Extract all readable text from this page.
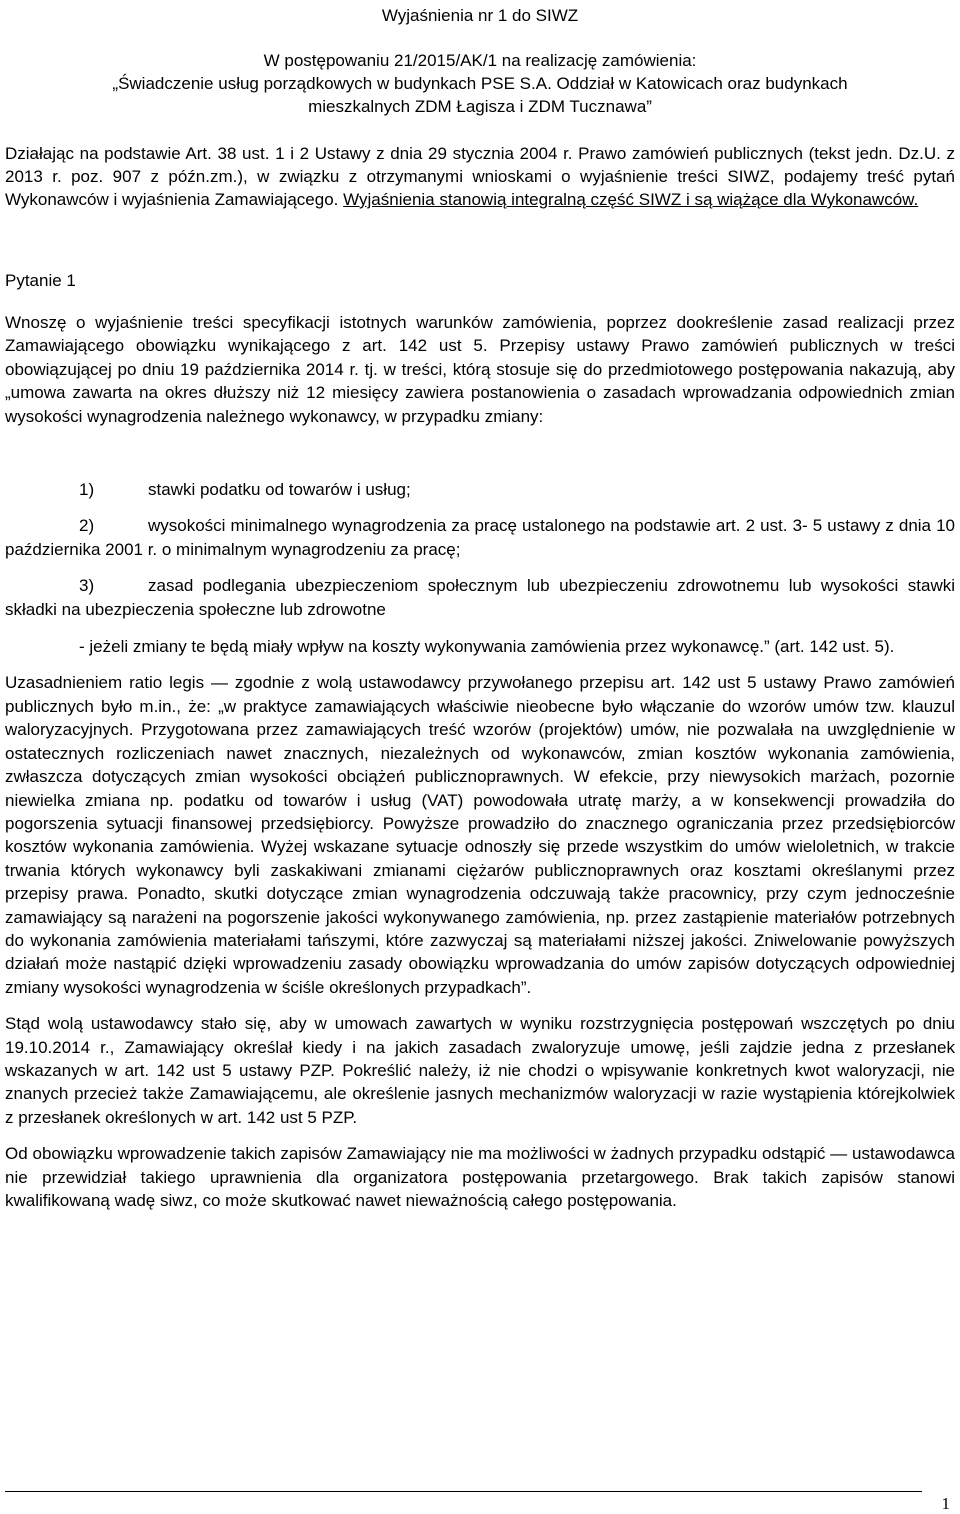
Wyjaśnienia nr 1 do SIWZ
W postępowaniu 21/2015/AK/1 na realizację zamówienia:
„Świadczenie usług porządkowych w budynkach PSE S.A. Oddział w Katowicach oraz budynkach
mieszkalnych ZDM Łagisza i ZDM Tucznawa”
Działając na podstawie Art. 38 ust. 1 i 2 Ustawy z dnia 29 stycznia 2004 r. Prawo zamówień publicznych (tekst jedn. Dz.U. z 2013 r. poz. 907 z późn.zm.), w związku z otrzymanymi wnioskami o wyjaśnienie treści SIWZ, podajemy treść pytań Wykonawców i wyjaśnienia Zamawiającego. Wyjaśnienia stanowią integralną część SIWZ i są wiążące dla Wykonawców.
Pytanie 1
Wnoszę o wyjaśnienie treści specyfikacji istotnych warunków zamówienia, poprzez dookreślenie zasad realizacji przez Zamawiającego obowiązku wynikającego z art. 142 ust 5. Przepisy ustawy Prawo zamówień publicznych w treści obowiązującej po dniu 19 października 2014 r. tj. w treści, którą stosuje się do przedmiotowego postępowania nakazują, aby „umowa zawarta na okres dłuższy niż 12 miesięcy zawiera postanowienia o zasadach wprowadzania odpowiednich zmian wysokości wynagrodzenia należnego wykonawcy, w przypadku zmiany:
1)	stawki podatku od towarów i usług;
2)	wysokości minimalnego wynagrodzenia za pracę ustalonego na podstawie art. 2 ust. 3- 5 ustawy z dnia 10 października 2001 r. o minimalnym wynagrodzeniu za pracę;
3)	zasad podlegania ubezpieczeniom społecznym lub ubezpieczeniu zdrowotnemu lub wysokości stawki składki na ubezpieczenia społeczne lub zdrowotne
- jeżeli zmiany te będą miały wpływ na koszty wykonywania zamówienia przez wykonawcę.” (art. 142 ust. 5).
Uzasadnieniem ratio legis — zgodnie z wolą ustawodawcy przywołanego przepisu art. 142 ust 5 ustawy Prawo zamówień publicznych było m.in., że: „w praktyce zamawiających właściwie nieobecne było włączanie do wzorów umów tzw. klauzul waloryzacyjnych. Przygotowana przez zamawiających treść wzorów (projektów) umów, nie pozwalała na uwzględnienie w ostatecznych rozliczeniach nawet znacznych, niezależnych od wykonawców, zmian kosztów wykonania zamówienia, zwłaszcza dotyczących zmian wysokości obciążeń publicznoprawnych. W efekcie, przy niewysokich marżach, pozornie niewielka zmiana np. podatku od towarów i usług (VAT) powodowała utratę marży, a w konsekwencji prowadziła do pogorszenia sytuacji finansowej przedsiębiorcy. Powyższe prowadziło do znacznego ograniczania przez przedsiębiorców kosztów wykonania zamówienia. Wyżej wskazane sytuacje odnoszły się przede wszystkim do umów wieloletnich, w trakcie trwania których wykonawcy byli zaskakiwani zmianami ciężarów publicznoprawnych oraz kosztami określanymi przez przepisy prawa. Ponadto, skutki dotyczące zmian wynagrodzenia odczuwają także pracownicy, przy czym jednocześnie zamawiający są narażeni na pogorszenie jakości wykonywanego zamówienia, np. przez zastąpienie materiałów potrzebnych do wykonania zamówienia materiałami tańszymi, które zazwyczaj są materiałami niższej jakości. Zniwelowanie powyższych działań może nastąpić dzięki wprowadzeniu zasady obowiązku wprowadzania do umów zapisów dotyczących odpowiedniej zmiany wysokości wynagrodzenia w ściśle określonych przypadkach”.
Stąd wolą ustawodawcy stało się, aby w umowach zawartych w wyniku rozstrzygnięcia postępowań wszczętych po dniu 19.10.2014 r., Zamawiający określał kiedy i na jakich zasadach zwaloryzuje umowę, jeśli zajdzie jedna z przesłanek wskazanych w art. 142 ust 5 ustawy PZP. Pokreślić należy, iż nie chodzi o wpisywanie konkretnych kwot waloryzacji, nie znanych przecież także Zamawiającemu, ale określenie jasnych mechanizmów waloryzacji w razie wystąpienia którejkolwiek z przesłanek określonych w art. 142 ust 5 PZP.
Od obowiązku wprowadzenie takich zapisów Zamawiający nie ma możliwości w żadnych przypadku odstąpić — ustawodawca nie przewidział takiego uprawnienia dla organizatora postępowania przetargowego. Brak takich zapisów stanowi kwalifikowaną wadę siwz, co może skutkować nawet nieważnością całego postępowania.
1
